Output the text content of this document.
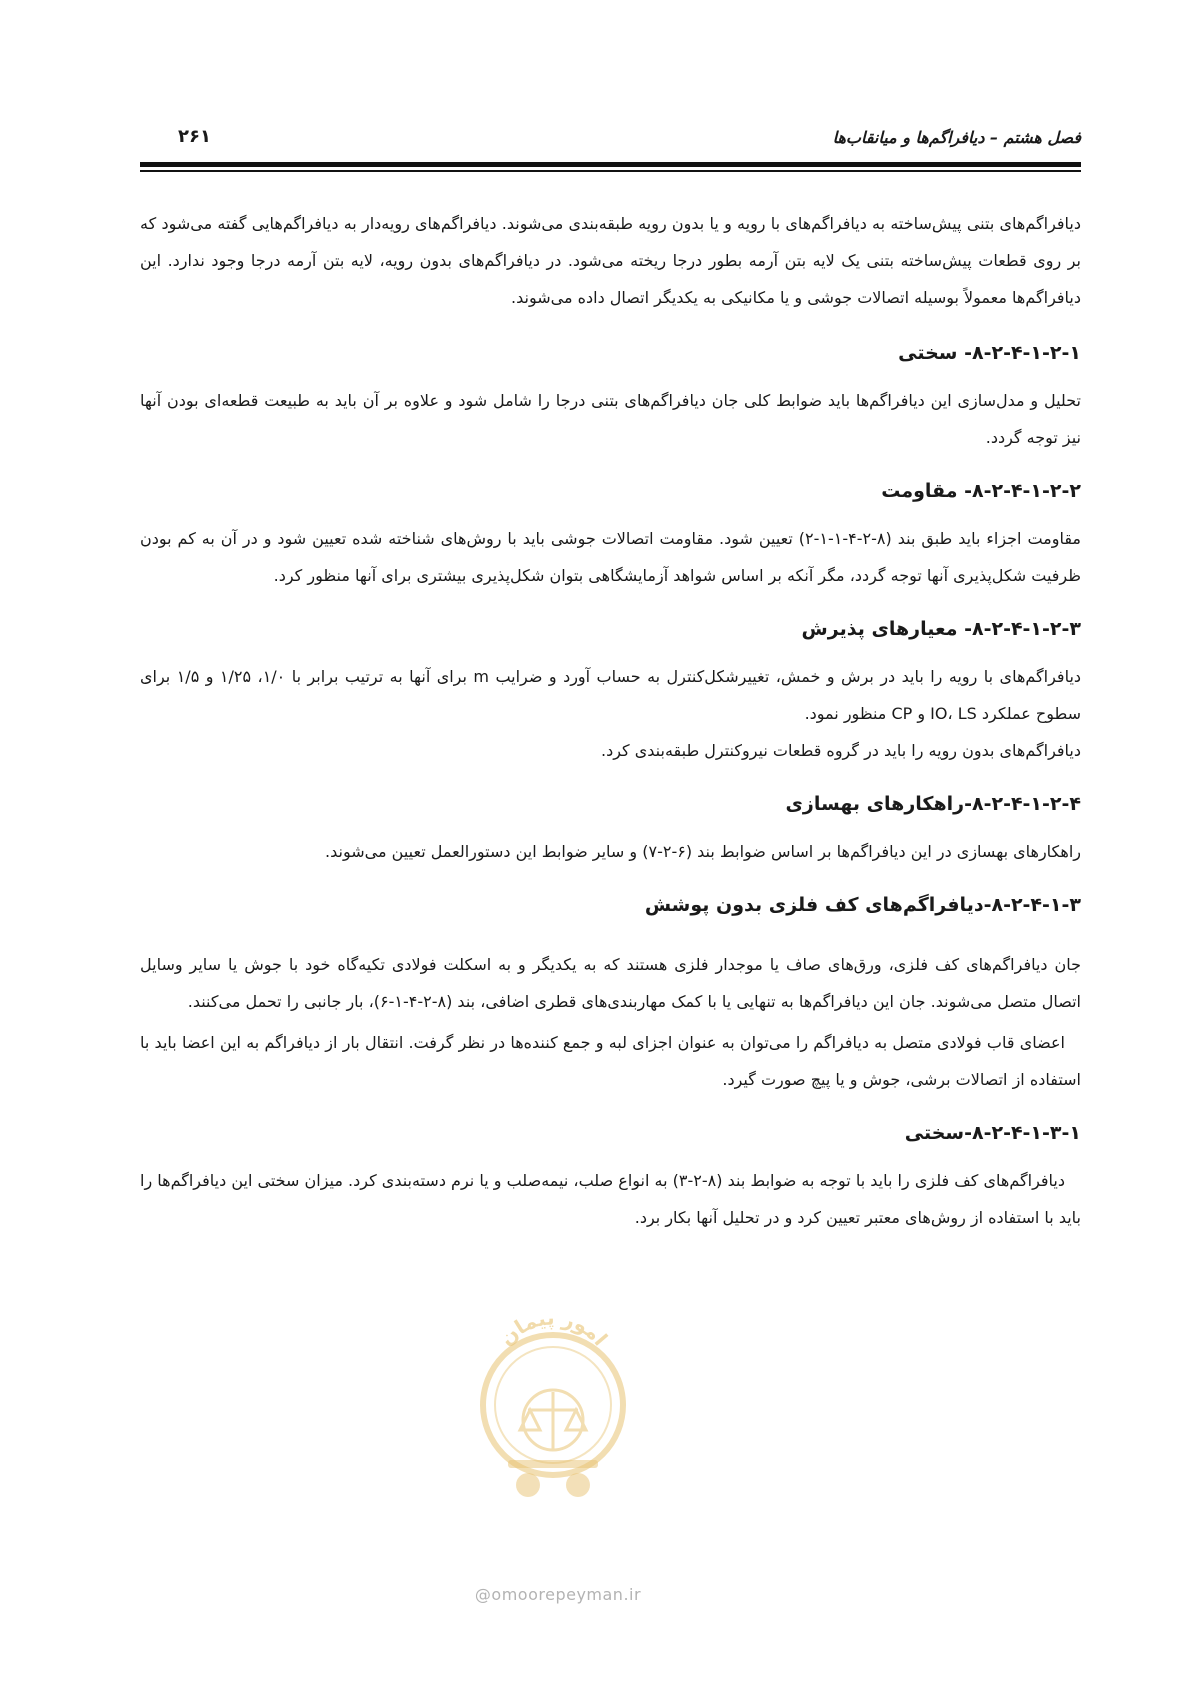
فصل هشتم – دیافراگم‌ها و میانقاب‌ها
۲۶۱

دیافراگم‌های بتنی پیش‌ساخته به دیافراگم‌های با رویه و یا بدون رویه طبقه‌بندی می‌شوند. دیافراگم‌های رویه‌دار به دیافراگم‌هایی گفته می‌شود که بر روی قطعات پیش‌ساخته بتنی یک لایه بتن آرمه بطور درجا ریخته می‌شود. در دیافراگم‌های بدون رویه، لایه بتن آرمه درجا وجود ندارد. این دیافراگم‌ها معمولاً بوسیله اتصالات جوشی و یا مکانیکی به یکدیگر اتصال داده می‌شوند.

۸-۲-۴-۱-۲-۱- سختی

تحلیل و مدل‌سازی این دیافراگم‌ها باید ضوابط کلی جان دیافراگم‌های بتنی درجا را شامل شود و علاوه بر آن باید به طبیعت قطعه‌ای بودن آنها نیز توجه گردد.

۸-۲-۴-۱-۲-۲- مقاومت

مقاومت اجزاء باید طبق بند (۸-۲-۴-۱-۱-۲) تعیین شود. مقاومت اتصالات جوشی باید با روش‌های شناخته شده تعیین شود و در آن به کم بودن ظرفیت شکل‌پذیری آنها توجه گردد، مگر آنکه بر اساس شواهد آزمایشگاهی بتوان شکل‌پذیری بیشتری برای آنها منظور کرد.

۸-۲-۴-۱-۲-۳- معیارهای پذیرش

دیافراگم‌های با رویه را باید در برش و خمش، تغییرشکل‌کنترل به حساب آورد و ضرایب m برای آنها به ترتیب برابر با ۱/۰، ۱/۲۵ و ۱/۵ برای سطوح عملکرد IO، LS و CP منظور نمود.

دیافراگم‌های بدون رویه را باید در گروه قطعات نیروکنترل طبقه‌بندی کرد.

۸-۲-۴-۱-۲-۴-راهکارهای بهسازی

راهکارهای بهسازی در این دیافراگم‌ها بر اساس ضوابط بند (۶-۲-۷) و سایر ضوابط این دستورالعمل تعیین می‌شوند.

۸-۲-۴-۱-۳-دیافراگم‌های کف فلزی بدون پوشش

جان دیافراگم‌های کف فلزی، ورق‌های صاف یا موجدار فلزی هستند که به یکدیگر و به اسکلت فولادی تکیه‌گاه خود با جوش یا سایر وسایل اتصال متصل می‌شوند. جان این دیافراگم‌ها به تنهایی یا با کمک مهاربندی‌های قطری اضافی، بند (۸-۲-۴-۱-۶)، بار جانبی را تحمل می‌کنند.

اعضای قاب فولادی متصل به دیافراگم را می‌توان به عنوان اجزای لبه و جمع کننده‌ها در نظر گرفت. انتقال بار از دیافراگم به این اعضا باید با استفاده از اتصالات برشی، جوش و یا پیچ صورت گیرد.

۸-۲-۴-۱-۳-۱-سختی

دیافراگم‌های کف فلزی را باید با توجه به ضوابط بند (۸-۲-۳) به انواع صلب، نیمه‌صلب و یا نرم دسته‌بندی کرد. میزان سختی این دیافراگم‌ها را باید با استفاده از روش‌های معتبر تعیین کرد و در تحلیل آنها بکار برد.

امور پیمان
@omoorepeyman.ir
